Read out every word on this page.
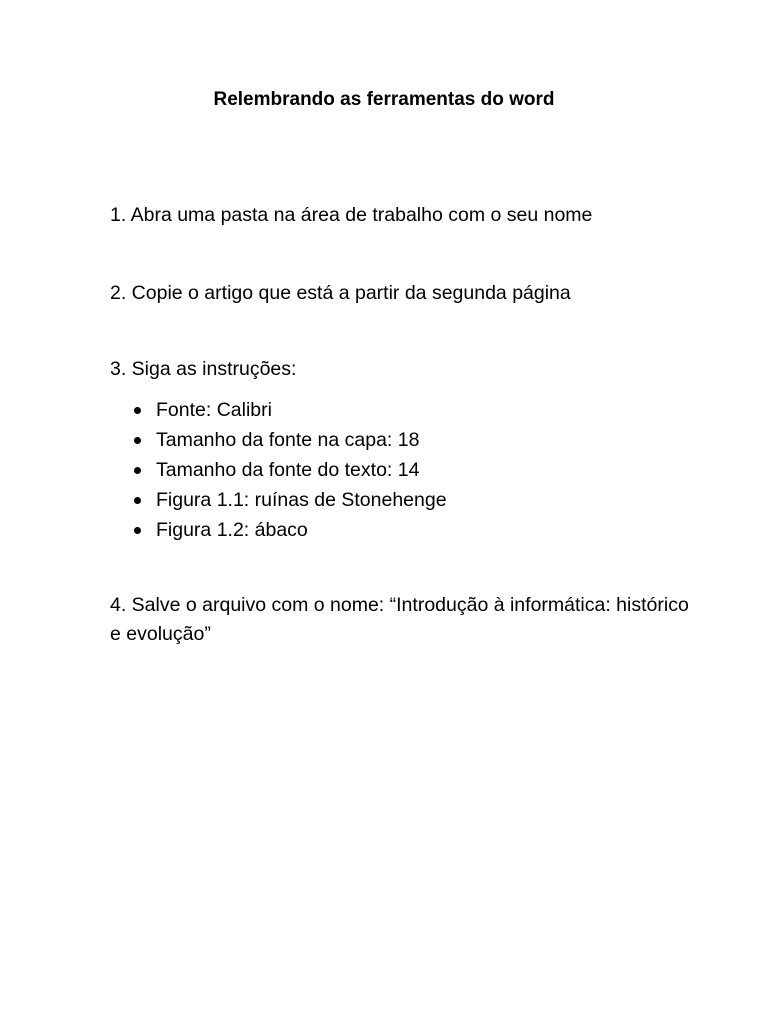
Relembrando as ferramentas do word
1. Abra uma pasta na área de trabalho com o seu nome
2. Copie o artigo que está a partir da segunda página
3. Siga as instruções:
Fonte: Calibri
Tamanho da fonte na capa: 18
Tamanho da fonte do texto: 14
Figura 1.1: ruínas de Stonehenge
Figura 1.2: ábaco
4. Salve o arquivo com o nome: “Introdução à informática: histórico e evolução”
